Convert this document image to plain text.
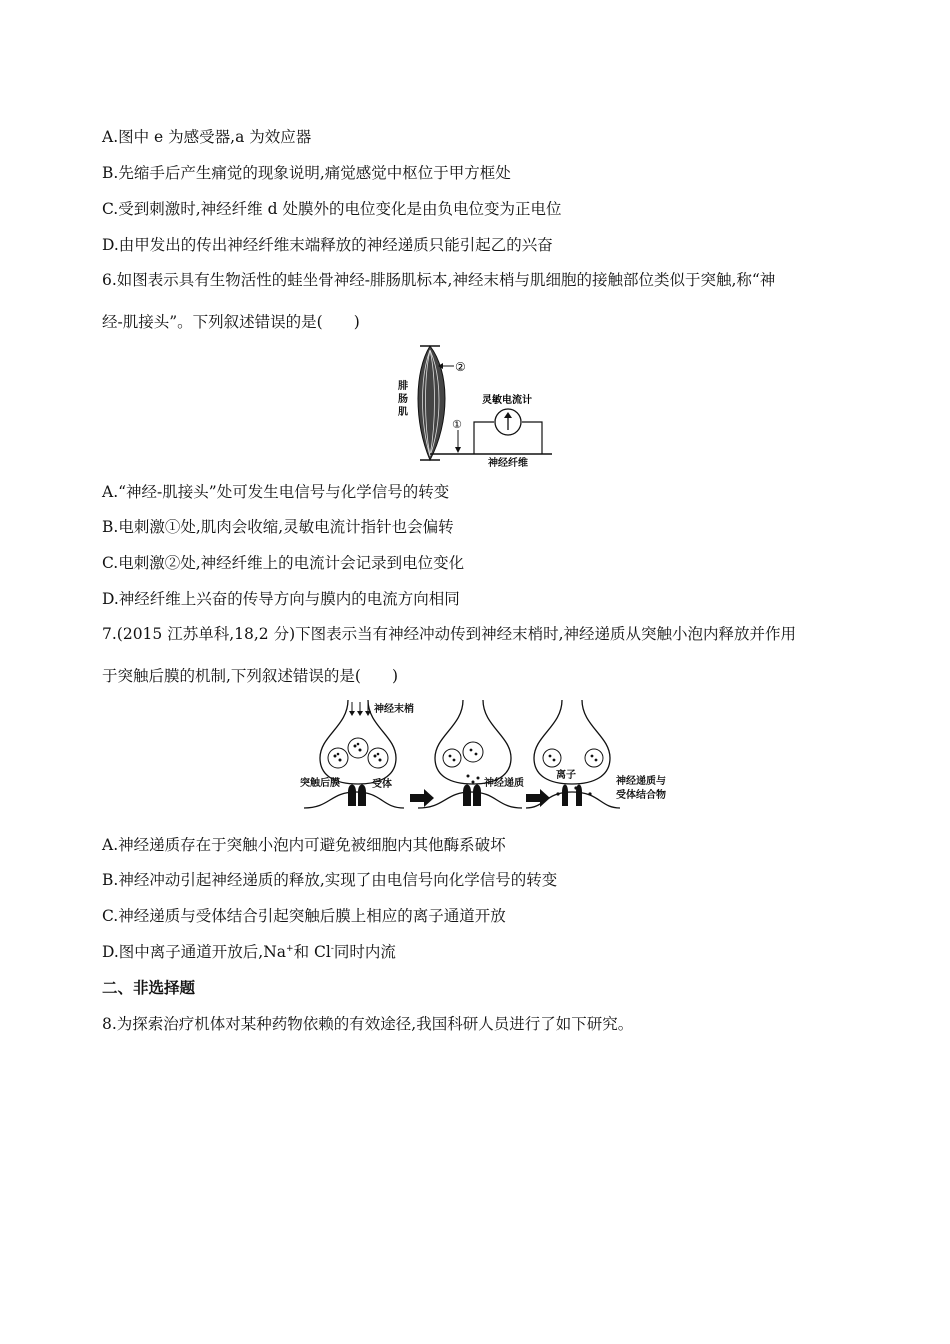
A.图中 e 为感受器,a 为效应器
B.先缩手后产生痛觉的现象说明,痛觉感觉中枢位于甲方框处
C.受到刺激时,神经纤维 d 处膜外的电位变化是由负电位变为正电位
D.由甲发出的传出神经纤维末端释放的神经递质只能引起乙的兴奋
6.如图表示具有生物活性的蛙坐骨神经-腓肠肌标本,神经末梢与肌细胞的接触部位类似于突触,称“神
经-肌接头”。下列叙述错误的是(　　)
②
①
灵敏电流计
腓
肠
肌
神经纤维
A.“神经-肌接头”处可发生电信号与化学信号的转变
B.电刺激①处,肌肉会收缩,灵敏电流计指针也会偏转
C.电刺激②处,神经纤维上的电流计会记录到电位变化
D.神经纤维上兴奋的传导方向与膜内的电流方向相同
7.(2015 江苏单科,18,2 分)下图表示当有神经冲动传到神经末梢时,神经递质从突触小泡内释放并作用
于突触后膜的机制,下列叙述错误的是(　　)
神经末梢
突触后膜	受体	神经递质
离子
神经递质与
受体结合物
A.神经递质存在于突触小泡内可避免被细胞内其他酶系破坏
B.神经冲动引起神经递质的释放,实现了由电信号向化学信号的转变
C.神经递质与受体结合引起突触后膜上相应的离子通道开放
D.图中离子通道开放后,Na+和 Cl-同时内流
二、非选择题
8.为探索治疗机体对某种药物依赖的有效途径,我国科研人员进行了如下研究。
